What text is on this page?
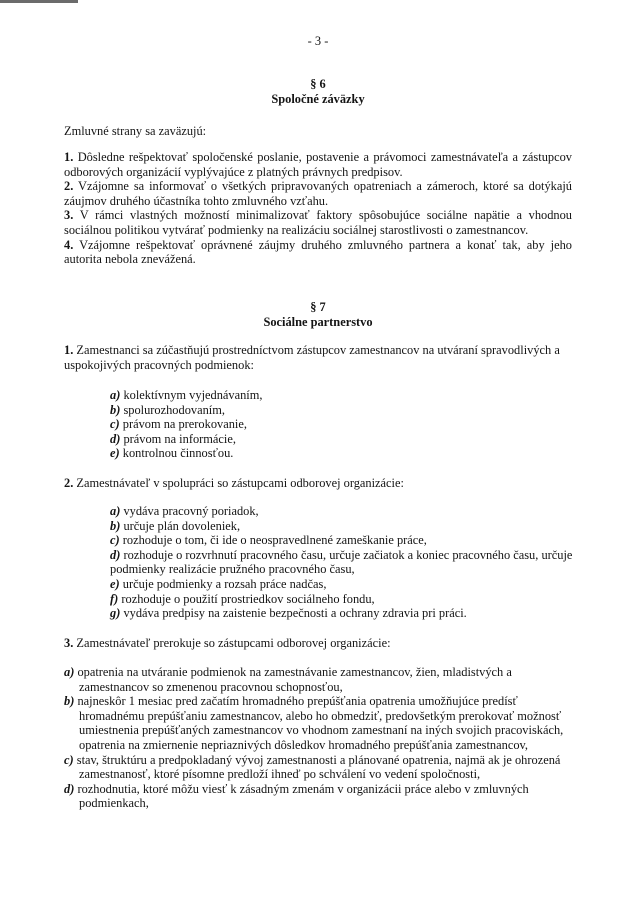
- 3 -
§ 6
Spoločné záväzky

Zmluvné strany sa zaväzujú:

1. Dôsledne rešpektovať spoločenské poslanie, postavenie a právomoci zamestnávateľa a zástupcov odborových organizácií vyplývajúce z platných právnych predpisov.

2. Vzájomne sa informovať o všetkých pripravovaných opatreniach a zámeroch, ktoré sa dotýkajú záujmov druhého účastníka tohto zmluvného vzťahu.

3. V rámci vlastných možností minimalizovať faktory spôsobujúce sociálne napätie a vhodnou sociálnou politikou vytvárať podmienky na realizáciu sociálnej starostlivosti o zamestnancov.

4. Vzájomne rešpektovať oprávnené záujmy druhého zmluvného partnera a konať tak, aby jeho autorita nebola znevážená.

§ 7
Sociálne partnerstvo

1. Zamestnanci sa zúčastňujú prostredníctvom zástupcov zamestnancov na utváraní spravodlivých a uspokojivých pracovných podmienok:

a) kolektívnym vyjednávaním,
b) spolurozhodovaním,
c) právom na prerokovanie,
d) právom na informácie,
e) kontrolnou činnosťou.

2. Zamestnávateľ v spolupráci so zástupcami odborovej organizácie:

a) vydáva pracovný poriadok,
b) určuje plán dovoleniek,
c) rozhoduje o tom, či ide o neospravedlnené zameškanie práce,
d) rozhoduje o rozvrhnutí pracovného času, určuje začiatok a koniec pracovného času, určuje podmienky realizácie pružného pracovného času,
e) určuje podmienky a rozsah práce nadčas,
f) rozhoduje o použití prostriedkov sociálneho fondu,
g) vydáva predpisy na zaistenie bezpečnosti a ochrany zdravia pri práci.

3. Zamestnávateľ prerokuje so zástupcami odborovej organizácie:

a) opatrenia na utváranie podmienok na zamestnávanie zamestnancov, žien, mladistvých a zamestnancov so zmenenou pracovnou schopnosťou,
b) najneskôr 1 mesiac pred začatím hromadného prepúšťania opatrenia umožňujúce predísť hromadnému prepúšťaniu zamestnancov, alebo ho obmedziť, predovšetkým prerokovať možnosť umiestnenia prepúšťaných zamestnancov vo vhodnom zamestnaní na iných svojich pracoviskách, opatrenia na zmiernenie nepriaznivých dôsledkov hromadného prepúšťania zamestnancov,
c) stav, štruktúru a predpokladaný vývoj zamestnanosti a plánované opatrenia, najmä ak je ohrozená zamestnanosť, ktoré písomne predloží ihneď po schválení vo vedení spoločnosti,
d) rozhodnutia, ktoré môžu viesť k zásadným zmenám v organizácii práce alebo v zmluvných podmienkach,
